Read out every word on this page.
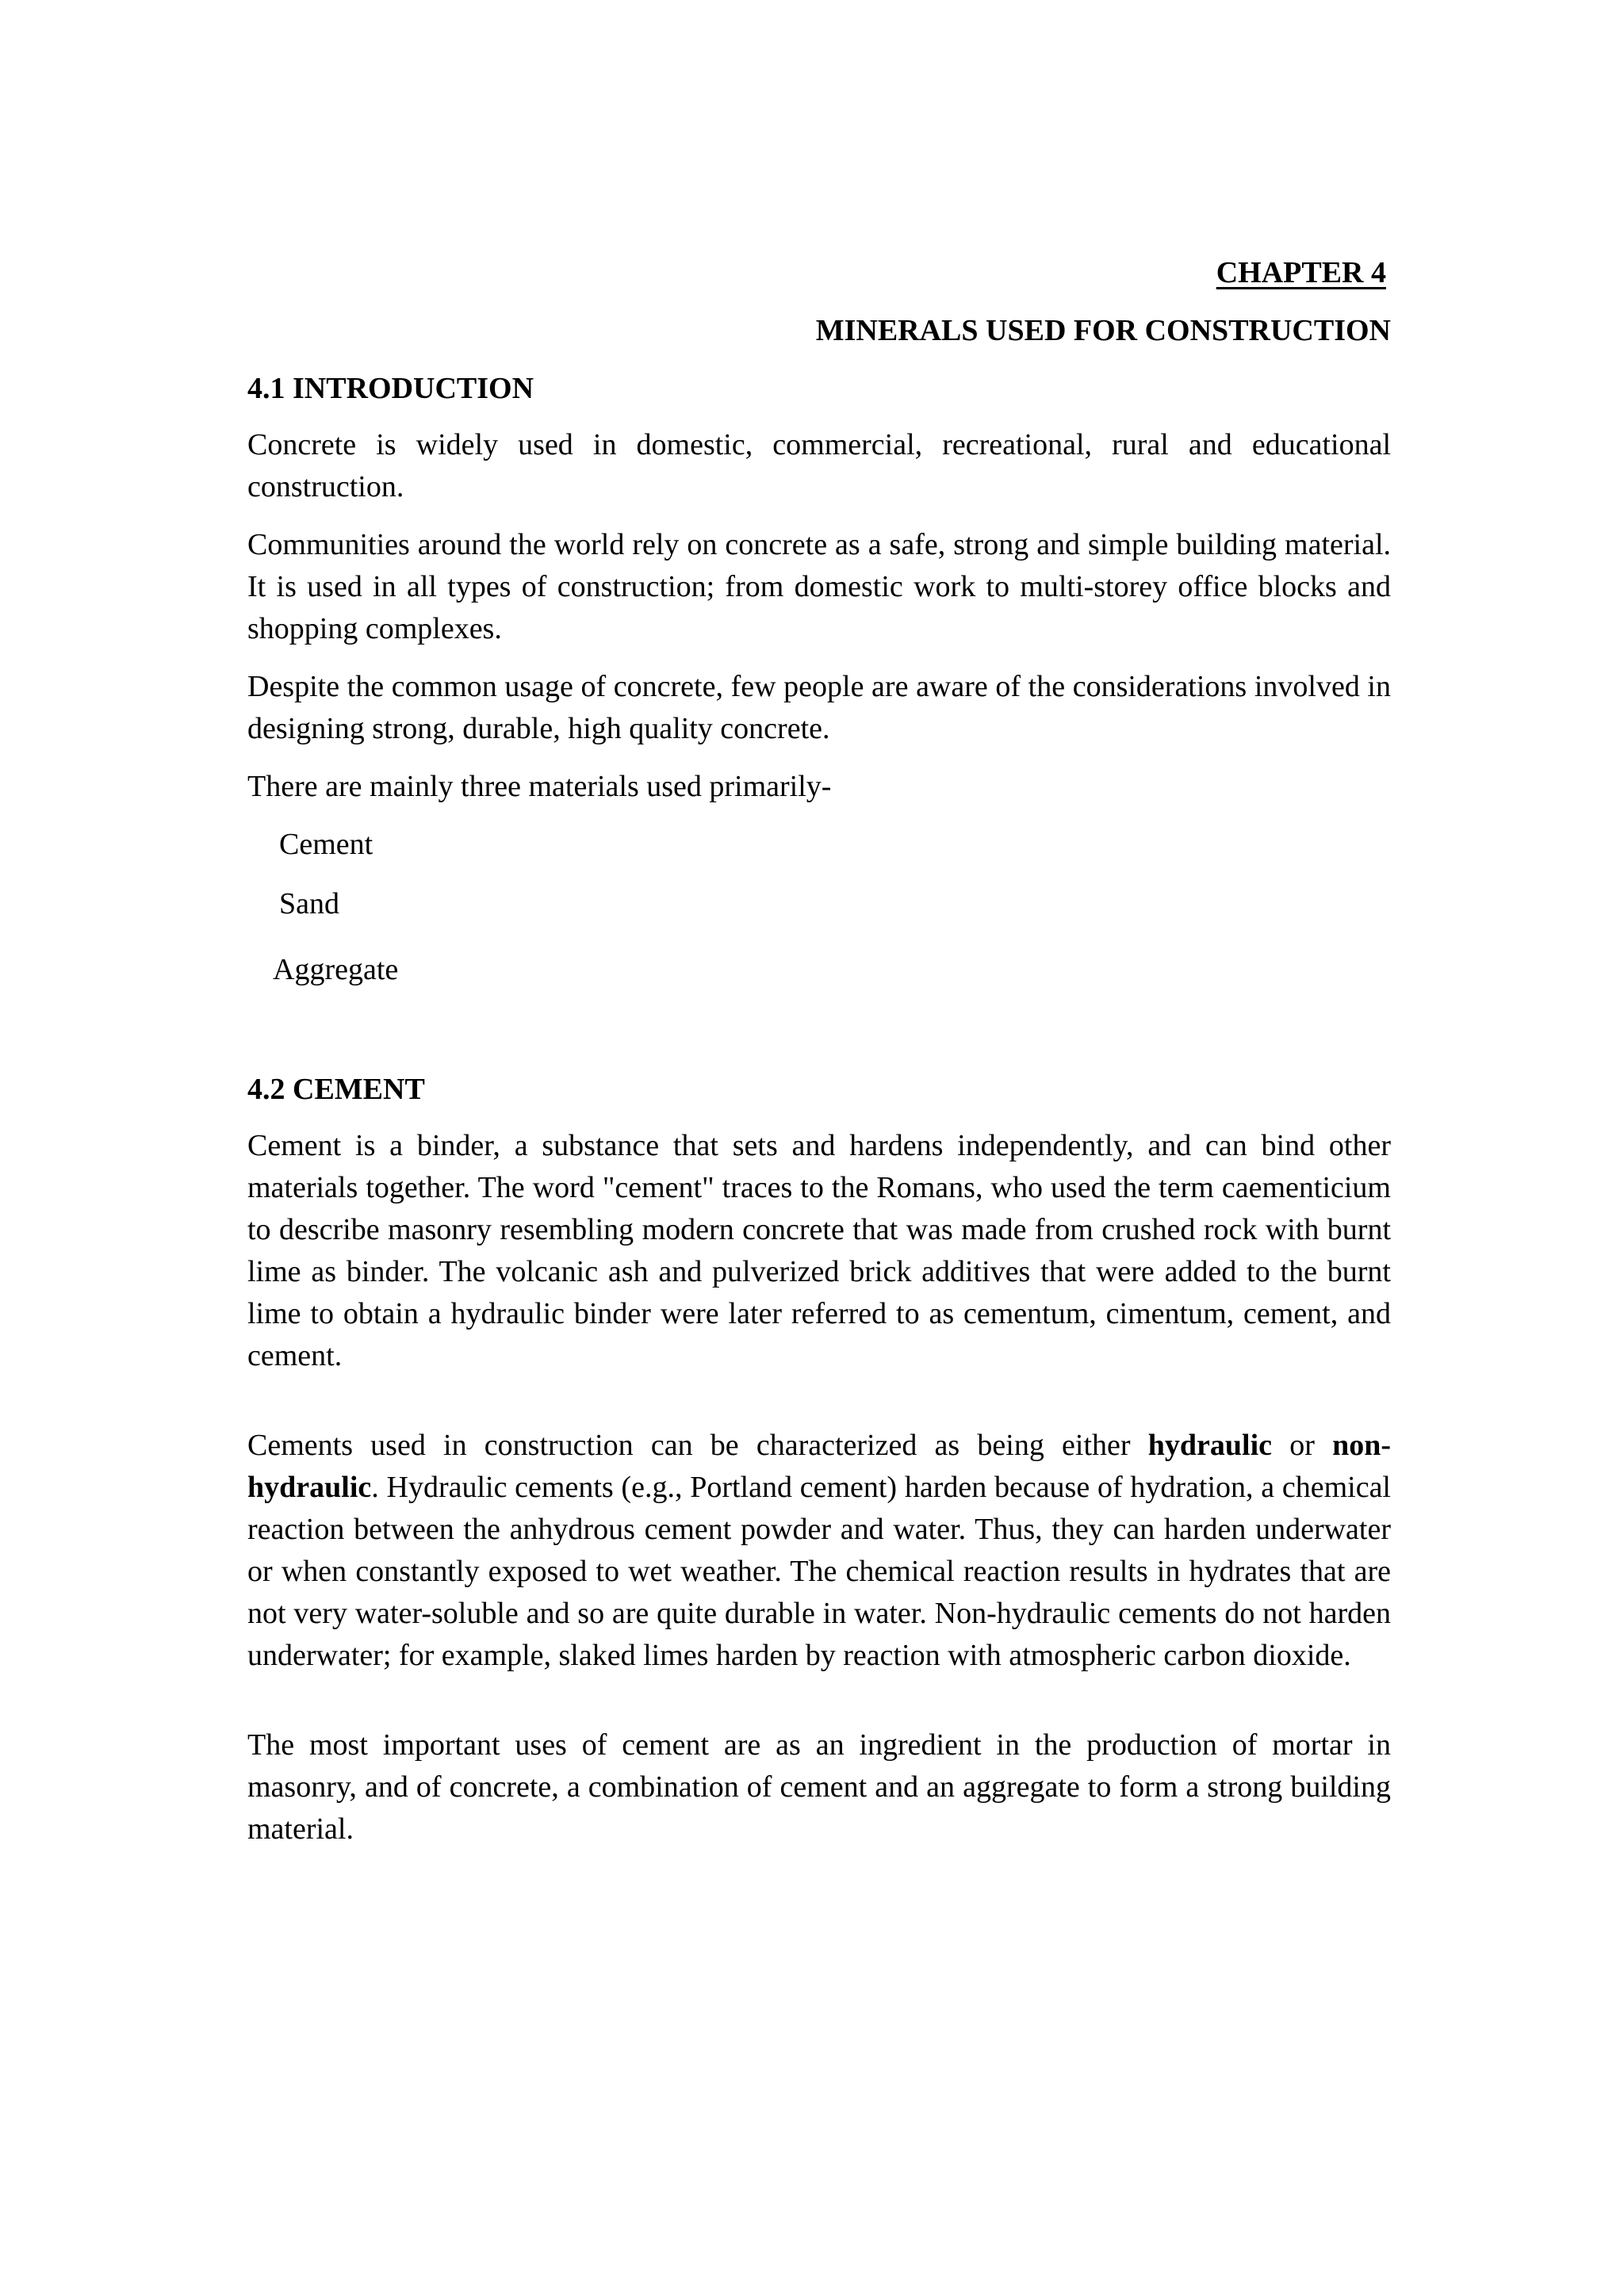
CHAPTER 4

MINERALS USED FOR CONSTRUCTION

4.1 INTRODUCTION

Concrete is widely used in domestic, commercial, recreational, rural and educational construction.

Communities around the world rely on concrete as a safe, strong and simple building material. It is used in all types of construction; from domestic work to multi-storey office blocks and shopping complexes.

Despite the common usage of concrete, few people are aware of the considerations involved in designing strong, durable, high quality concrete.

There are mainly three materials used primarily-

Cement
Sand
Aggregate

4.2 CEMENT

Cement is a binder, a substance that sets and hardens independently, and can bind other materials together. The word "cement" traces to the Romans, who used the term caementicium to describe masonry resembling modern concrete that was made from crushed rock with burnt lime as binder. The volcanic ash and pulverized brick additives that were added to the burnt lime to obtain a hydraulic binder were later referred to as cementum, cimentum, cement, and cement.

Cements used in construction can be characterized as being either hydraulic or non- hydraulic. Hydraulic cements (e.g., Portland cement) harden because of hydration, a chemical reaction between the anhydrous cement powder and water. Thus, they can harden underwater or when constantly exposed to wet weather. The chemical reaction results in hydrates that are not very water-soluble and so are quite durable in water. Non-hydraulic cements do not harden underwater; for example, slaked limes harden by reaction with atmospheric carbon dioxide.

The most important uses of cement are as an ingredient in the production of mortar in masonry, and of concrete, a combination of cement and an aggregate to form a strong building material.
